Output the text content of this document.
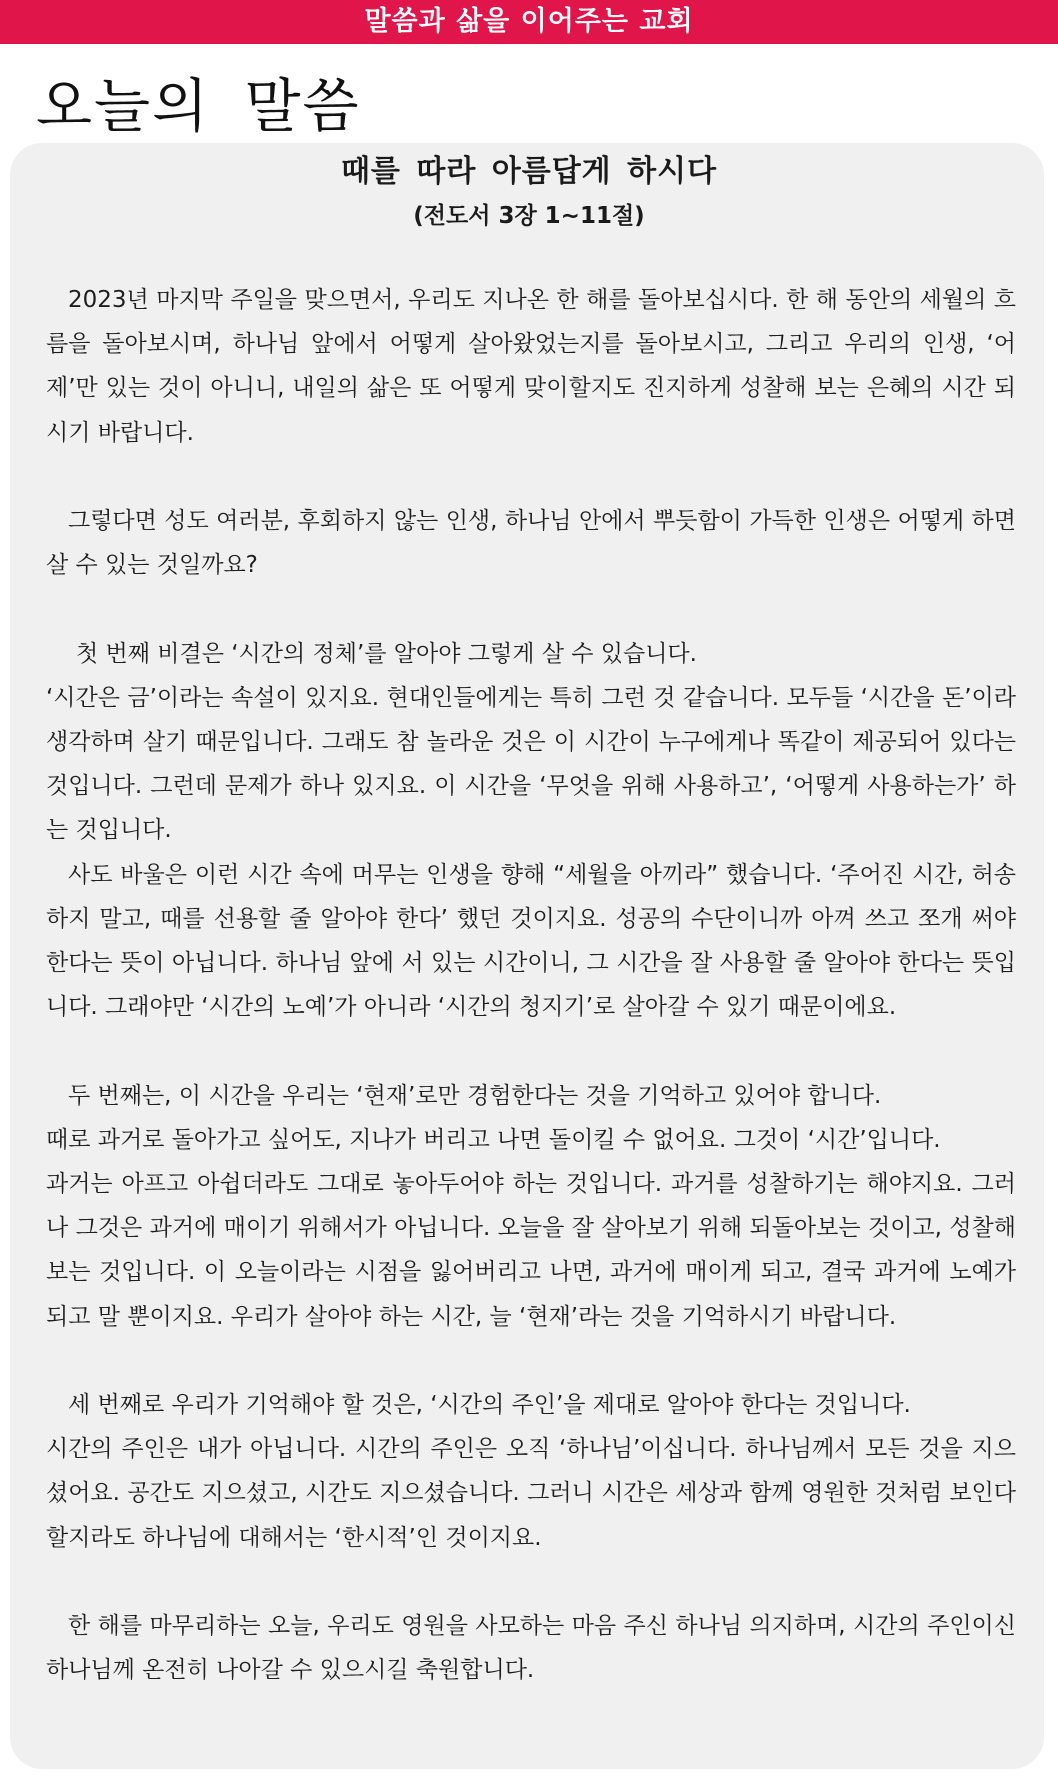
말씀과 삶을 이어주는 교회
오늘의 말씀
때를 따라 아름답게 하시다
(전도서 3장 1~11절)

2023년 마지막 주일을 맞으면서, 우리도 지나온 한 해를 돌아보십시다. 한 해 동안의 세월의 흐름을 돌아보시며, 하나님 앞에서 어떻게 살아왔었는지를 돌아보시고, 그리고 우리의 인생, ‘어제’만 있는 것이 아니니, 내일의 삶은 또 어떻게 맞이할지도 진지하게 성찰해 보는 은혜의 시간 되시기 바랍니다.

그렇다면 성도 여러분, 후회하지 않는 인생, 하나님 안에서 뿌듯함이 가득한 인생은 어떻게 하면 살 수 있는 것일까요?

첫 번째 비결은 ‘시간의 정체’를 알아야 그렇게 살 수 있습니다.

‘시간은 금’이라는 속설이 있지요. 현대인들에게는 특히 그런 것 같습니다. 모두들 ‘시간을 돈’이라 생각하며 살기 때문입니다. 그래도 참 놀라운 것은 이 시간이 누구에게나 똑같이 제공되어 있다는 것입니다. 그런데 문제가 하나 있지요. 이 시간을 ‘무엇을 위해 사용하고’, ‘어떻게 사용하는가’ 하는 것입니다.

사도 바울은 이런 시간 속에 머무는 인생을 향해 “세월을 아끼라” 했습니다. ‘주어진 시간, 허송하지 말고, 때를 선용할 줄 알아야 한다’ 했던 것이지요. 성공의 수단이니까 아껴 쓰고 쪼개 써야 한다는 뜻이 아닙니다. 하나님 앞에 서 있는 시간이니, 그 시간을 잘 사용할 줄 알아야 한다는 뜻입니다. 그래야만 ‘시간의 노예’가 아니라 ‘시간의 청지기’로 살아갈 수 있기 때문이에요.

두 번째는, 이 시간을 우리는 ‘현재’로만 경험한다는 것을 기억하고 있어야 합니다.

때로 과거로 돌아가고 싶어도, 지나가 버리고 나면 돌이킬 수 없어요. 그것이 ‘시간’입니다.

과거는 아프고 아쉽더라도 그대로 놓아두어야 하는 것입니다. 과거를 성찰하기는 해야지요. 그러나 그것은 과거에 매이기 위해서가 아닙니다. 오늘을 잘 살아보기 위해 되돌아보는 것이고, 성찰해 보는 것입니다. 이 오늘이라는 시점을 잃어버리고 나면, 과거에 매이게 되고, 결국 과거에 노예가 되고 말 뿐이지요. 우리가 살아야 하는 시간, 늘 ‘현재’라는 것을 기억하시기 바랍니다.

세 번째로 우리가 기억해야 할 것은, ‘시간의 주인’을 제대로 알아야 한다는 것입니다.

시간의 주인은 내가 아닙니다. 시간의 주인은 오직 ‘하나님’이십니다. 하나님께서 모든 것을 지으셨어요. 공간도 지으셨고, 시간도 지으셨습니다. 그러니 시간은 세상과 함께 영원한 것처럼 보인다 할지라도 하나님에 대해서는 ‘한시적’인 것이지요.

한 해를 마무리하는 오늘, 우리도 영원을 사모하는 마음 주신 하나님 의지하며, 시간의 주인이신 하나님께 온전히 나아갈 수 있으시길 축원합니다.
